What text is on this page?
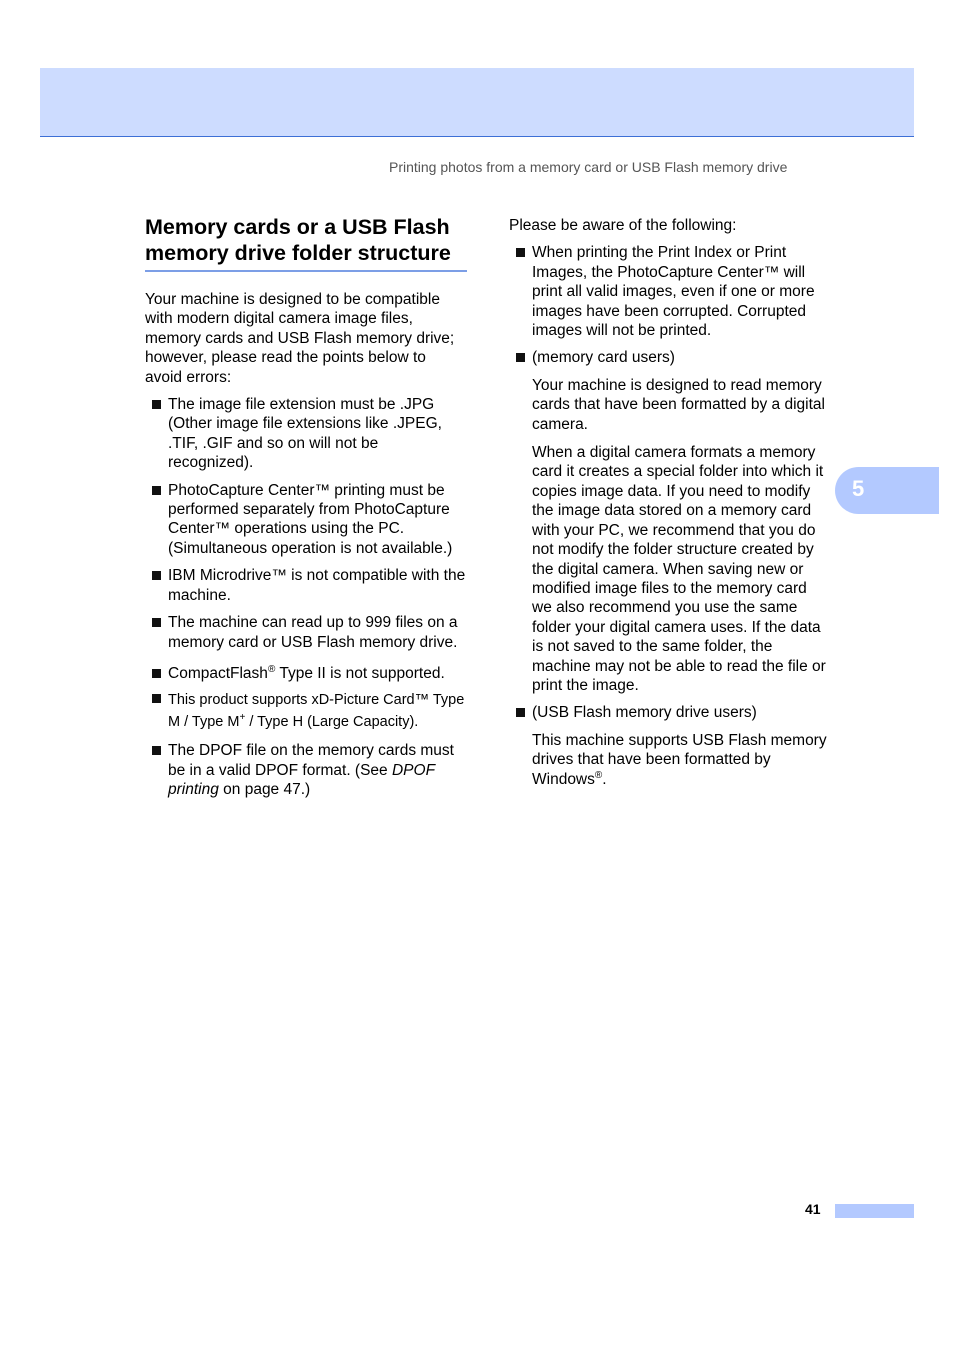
Printing photos from a memory card or USB Flash memory drive
Memory cards or a USB Flash memory drive folder structure

Your machine is designed to be compatible with modern digital camera image files, memory cards and USB Flash memory drive; however, please read the points below to avoid errors:

The image file extension must be .JPG (Other image file extensions like .JPEG, .TIF, .GIF and so on will not be recognized).
PhotoCapture Center™ printing must be performed separately from PhotoCapture Center™ operations using the PC. (Simultaneous operation is not available.)
IBM Microdrive™ is not compatible with the machine.
The machine can read up to 999 files on a memory card or USB Flash memory drive.
CompactFlash® Type II is not supported.
This product supports xD-Picture Card™ Type M / Type M+ / Type H (Large Capacity).
The DPOF file on the memory cards must be in a valid DPOF format. (See DPOF printing on page 47.)

Please be aware of the following:

When printing the Print Index or Print Images, the PhotoCapture Center™ will print all valid images, even if one or more images have been corrupted. Corrupted images will not be printed.
(memory card users)

Your machine is designed to read memory cards that have been formatted by a digital camera.

When a digital camera formats a memory card it creates a special folder into which it copies image data. If you need to modify the image data stored on a memory card with your PC, we recommend that you do not modify the folder structure created by the digital camera. When saving new or modified image files to the memory card we also recommend you use the same folder your digital camera uses. If the data is not saved to the same folder, the machine may not be able to read the file or print the image.

(USB Flash memory drive users)

This machine supports USB Flash memory drives that have been formatted by Windows®.

5
41
